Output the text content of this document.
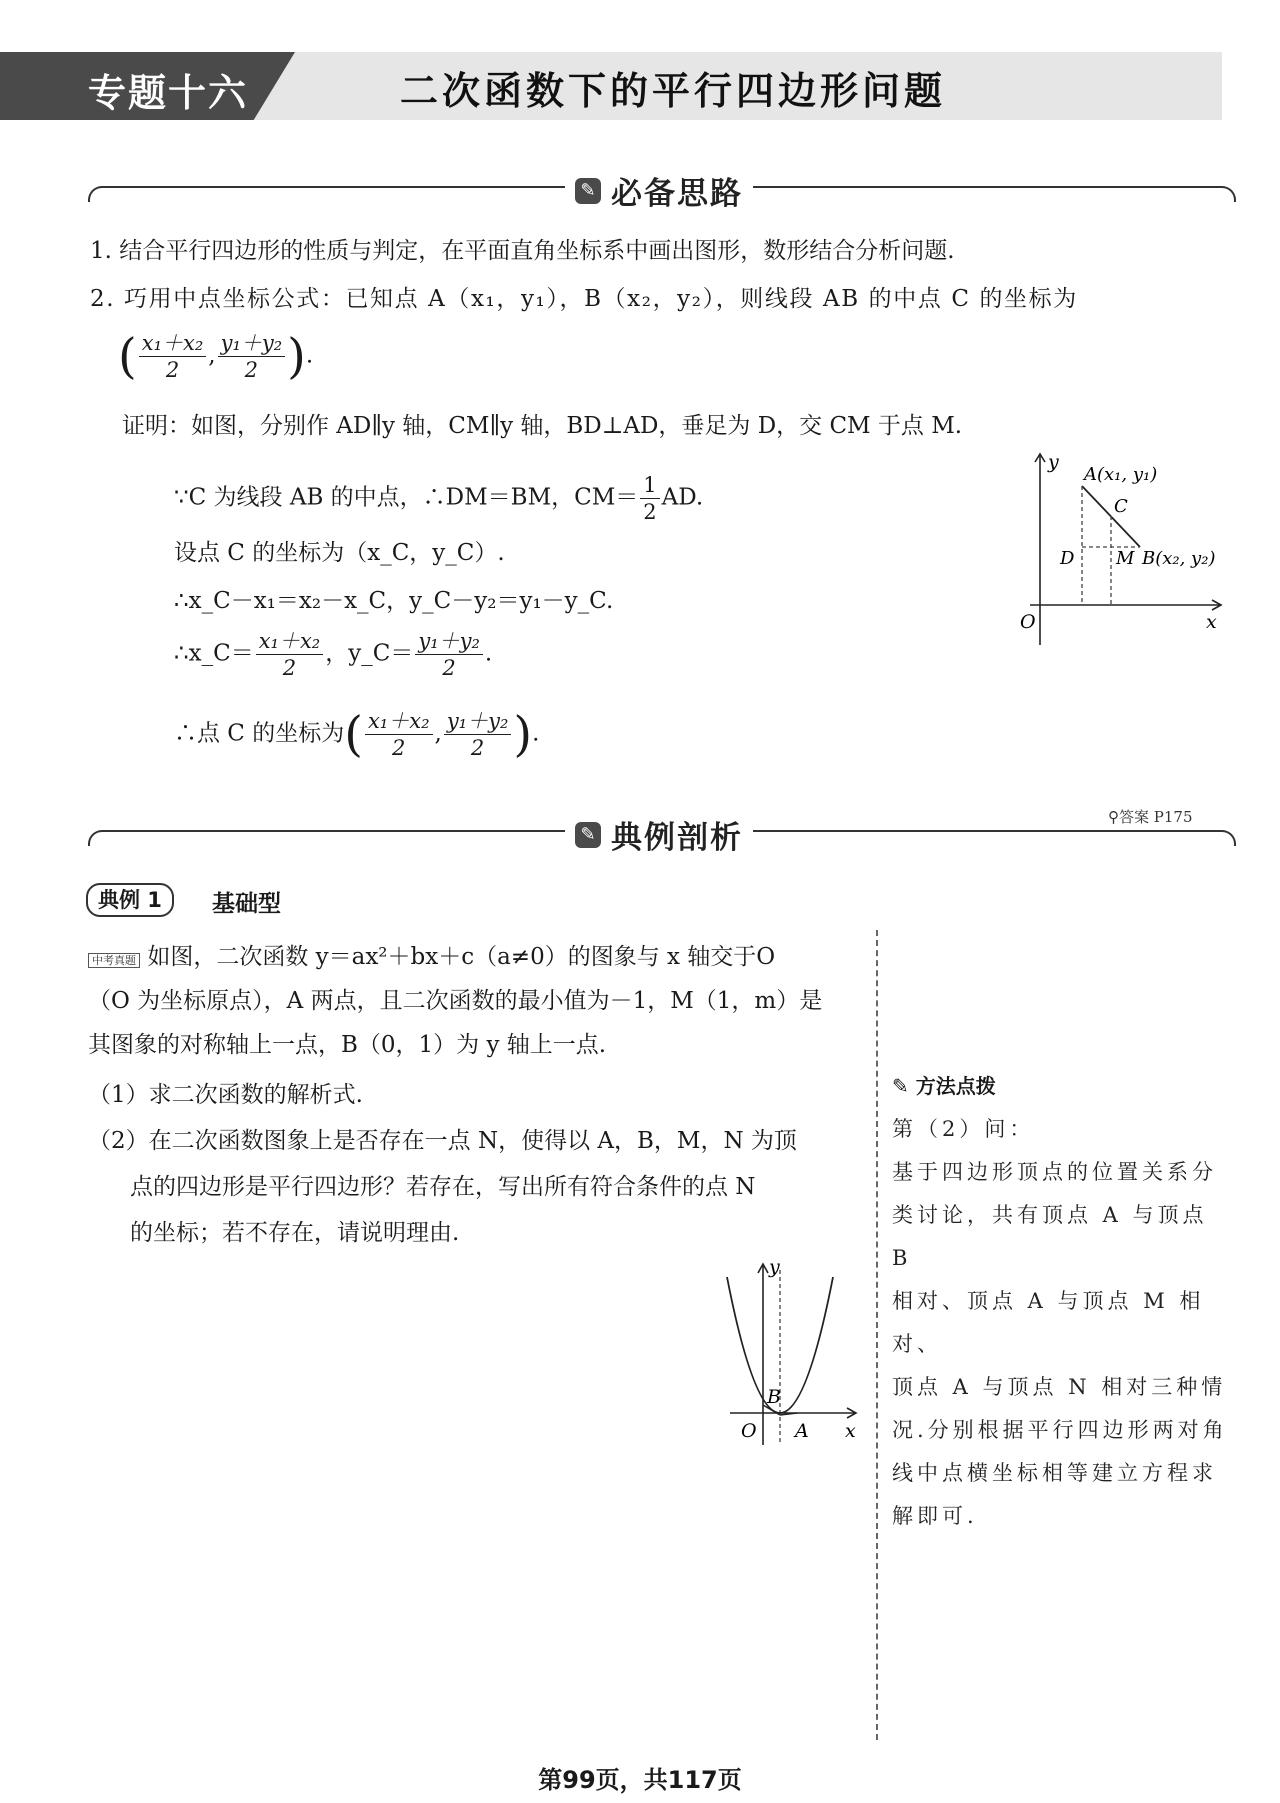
专题十六	二次函数下的平行四边形问题
✎ 必备思路
1. 结合平行四边形的性质与判定，在平面直角坐标系中画出图形，数形结合分析问题.
2. 巧用中点坐标公式：已知点 A（x₁，y₁），B（x₂，y₂），则线段 AB 的中点 C 的坐标为
( $\frac{\text{x₁＋x₂}}{2}$ , $\frac{\text{y₁＋y₂}}{2}$ ).
证明：如图，分别作 AD∥y 轴，CM∥y 轴，BD⊥AD，垂足为 D，交 CM 于点 M.
∵C 为线段 AB 的中点，∴DM＝BM，$CM= \frac{1}{2}$ AD.
设点 C 的坐标为（x_C，y_C）.
∴x_C－x₁＝x₂－x_C，y_C－y₂＝y₁－y_C.
∴x_C＝ $\frac{\text{x₁＋x₂}}{2}$ ，y_C＝ $\frac{\text{y₁＋y₂}}{2}$ .
∴点 C 的坐标为( $\frac{\text{x₁＋x₂}}{2}$ , $\frac{\text{y₁＋y₂}}{2}$ ).
y
x
O
A(x₁, y₁)
C
D M B(x₂, y₂)
⚲答案 P175
✎ 典例剖析
典例 1	基础型
中考真题 如图，二次函数 y＝ax²＋bx＋c（a≠0）的图象与 x 轴交于O
（O 为坐标原点），A 两点，且二次函数的最小值为－1，M（1，m）是
其图象的对称轴上一点，B（0，1）为 y 轴上一点.
（1）求二次函数的解析式.
（2）在二次函数图象上是否存在一点 N，使得以 A，B，M，N 为顶
点的四边形是平行四边形？若存在，写出所有符合条件的点 N
的坐标；若不存在，请说明理由.
y
x
O A
B
✎ 方法点拨
第（2）问：
基于四边形顶点的位置关系分
类讨论，共有顶点 A 与顶点 B
相对、顶点 A 与顶点 M 相对、
顶点 A 与顶点 N 相对三种情
况.分别根据平行四边形两对角
线中点横坐标相等建立方程求
解即可.
第99页，共117页
